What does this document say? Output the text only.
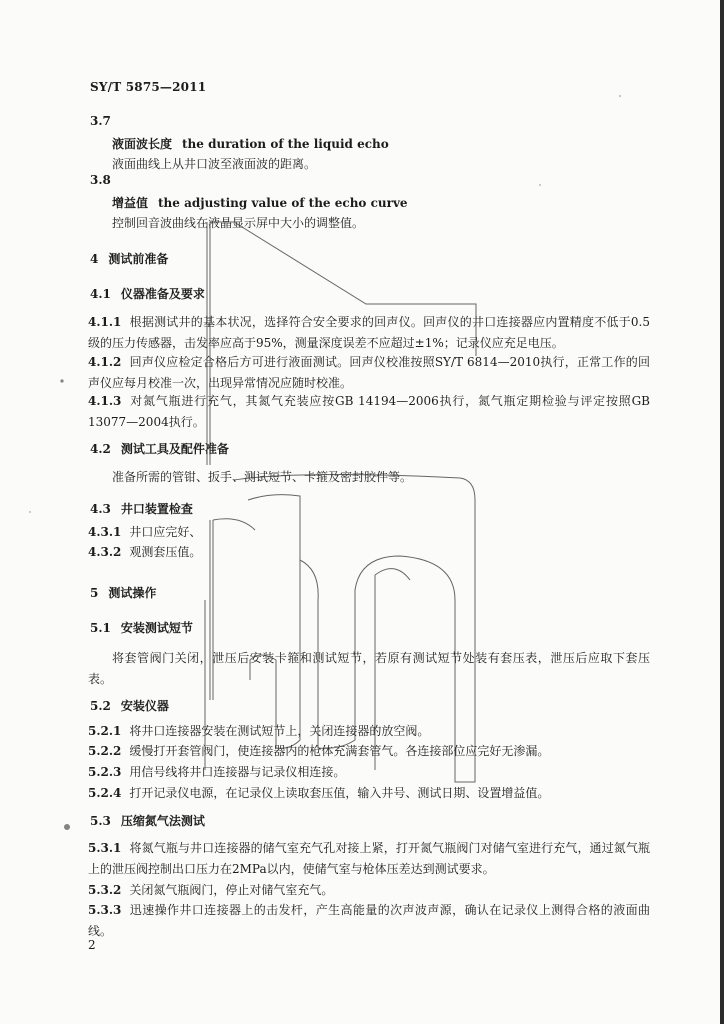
SY/T 5875—2011
3.7
液面波长度 the duration of the liquid echo
液面曲线上从井口波至液面波的距离。
3.8
增益值 the adjusting value of the echo curve
控制回音波曲线在液晶显示屏中大小的调整值。
4 测试前准备
4.1 仪器准备及要求
4.1.1 根据测试井的基本状况，选择符合安全要求的回声仪。回声仪的井口连接器应内置精度不低于0.5级的压力传感器，击发率应高于95%，测量深度误差不应超过±1%；记录仪应充足电压。
4.1.2 回声仪应检定合格后方可进行液面测试。回声仪校准按照SY/T 6814—2010执行，正常工作的回声仪应每月校准一次，出现异常情况应随时校准。
4.1.3 对氮气瓶进行充气，其氮气充装应按GB 14194—2006执行，氮气瓶定期检验与评定按照GB 13077—2004执行。
4.2 测试工具及配件准备
准备所需的管钳、扳手、测试短节、卡箍及密封胶件等。
4.3 井口装置检查
4.3.1 井口应完好、
4.3.2 观测套压值。
5 测试操作
5.1 安装测试短节
将套管阀门关闭，泄压后安装卡箍和测试短节，若原有测试短节处装有套压表，泄压后应取下套压表。
5.2 安装仪器
5.2.1 将井口连接器安装在测试短节上，关闭连接器的放空阀。
5.2.2 缓慢打开套管阀门，使连接器内的枪体充满套管气。各连接部位应完好无渗漏。
5.2.3 用信号线将井口连接器与记录仪相连接。
5.2.4 打开记录仪电源，在记录仪上读取套压值，输入井号、测试日期、设置增益值。
5.3 压缩氮气法测试
5.3.1 将氮气瓶与井口连接器的储气室充气孔对接上紧，打开氮气瓶阀门对储气室进行充气，通过氮气瓶上的泄压阀控制出口压力在2MPa以内，使储气室与枪体压差达到测试要求。
5.3.2 关闭氮气瓶阀门，停止对储气室充气。
5.3.3 迅速操作井口连接器上的击发杆，产生高能量的次声波声源，确认在记录仪上测得合格的液面曲线。
2
